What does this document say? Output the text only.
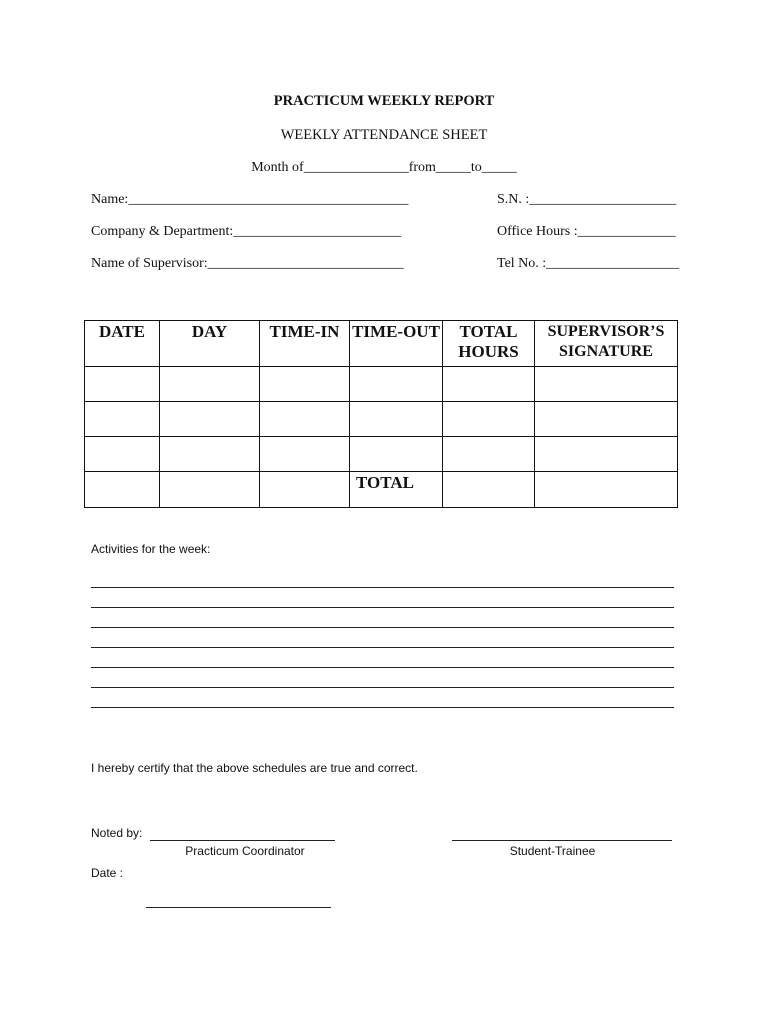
PRACTICUM WEEKLY REPORT
WEEKLY ATTENDANCE SHEET
Month of_______________from_____to_____
Name:________________________________________	S.N. :_____________________
Company & Department:________________________	Office Hours :______________
Name of Supervisor:____________________________	Tel No. :___________________
DATE	DAY	TIME-IN	TIME-OUT	TOTAL HOURS	SUPERVISOR’S SIGNATURE

			TOTAL		
Activities for the week:
I hereby certify that the above schedules are true and correct.
Noted by:
Practicum Coordinator	Student-Trainee
Date :
